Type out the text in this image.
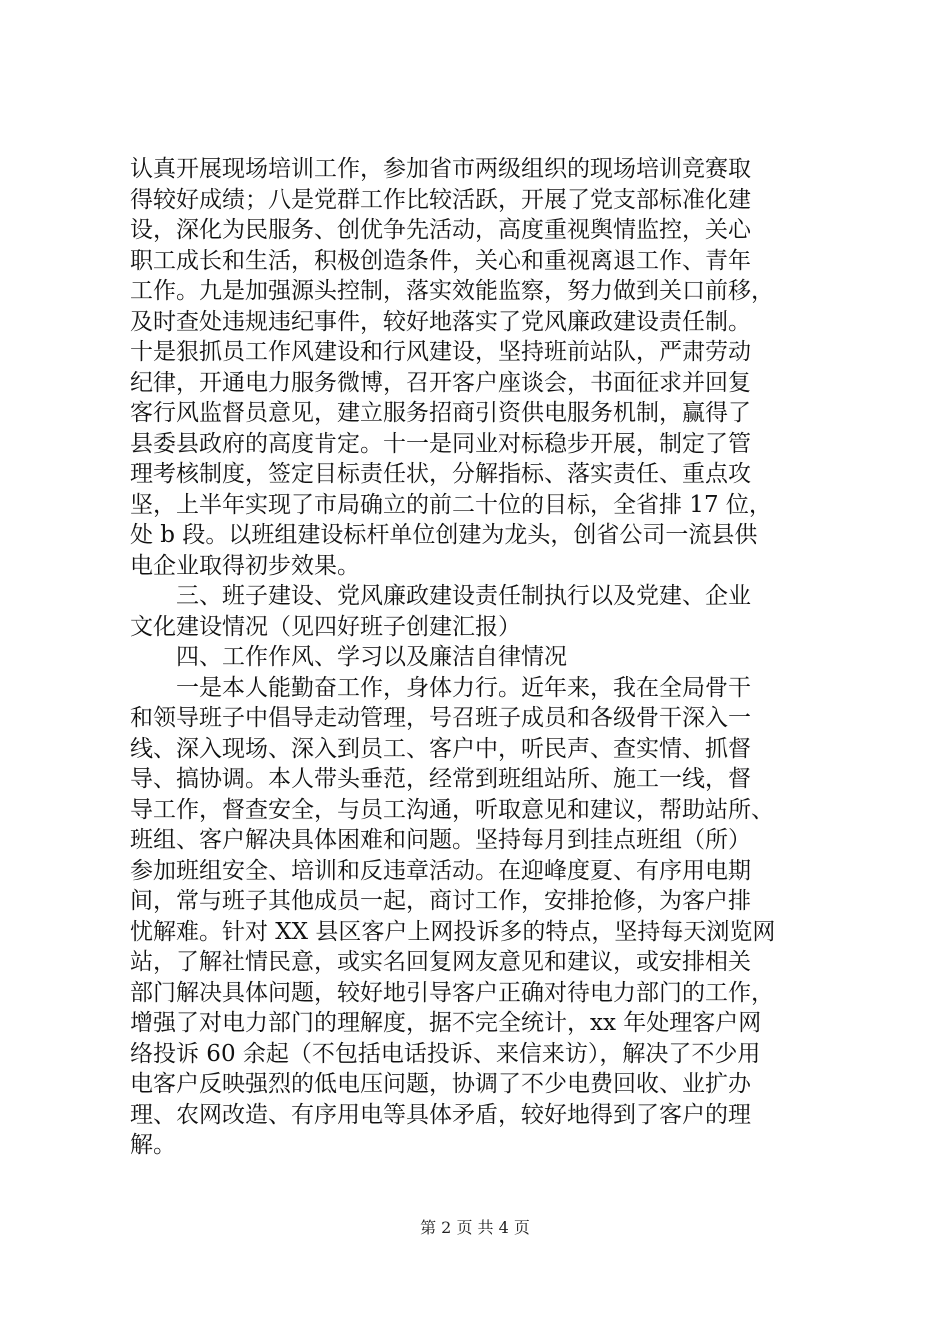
认真开展现场培训工作，参加省市两级组织的现场培训竞赛取
得较好成绩；八是党群工作比较活跃，开展了党支部标准化建
设，深化为民服务、创优争先活动，高度重视舆情监控，关心
职工成长和生活，积极创造条件，关心和重视离退工作、青年
工作。九是加强源头控制，落实效能监察，努力做到关口前移，
及时查处违规违纪事件，较好地落实了党风廉政建设责任制。
十是狠抓员工作风建设和行风建设，坚持班前站队，严肃劳动
纪律，开通电力服务微博，召开客户座谈会，书面征求并回复
客行风监督员意见，建立服务招商引资供电服务机制，赢得了
县委县政府的高度肯定。十一是同业对标稳步开展，制定了管
理考核制度，签定目标责任状，分解指标、落实责任、重点攻
坚，上半年实现了市局确立的前二十位的目标，全省排 17 位，
处 b 段。以班组建设标杆单位创建为龙头，创省公司一流县供
电企业取得初步效果。
　　三、班子建设、党风廉政建设责任制执行以及党建、企业
文化建设情况（见四好班子创建汇报）
　　四、工作作风、学习以及廉洁自律情况
　　一是本人能勤奋工作，身体力行。近年来，我在全局骨干
和领导班子中倡导走动管理，号召班子成员和各级骨干深入一
线、深入现场、深入到员工、客户中，听民声、查实情、抓督
导、搞协调。本人带头垂范，经常到班组站所、施工一线，督
导工作，督查安全，与员工沟通，听取意见和建议，帮助站所、
班组、客户解决具体困难和问题。坚持每月到挂点班组（所）
参加班组安全、培训和反违章活动。在迎峰度夏、有序用电期
间，常与班子其他成员一起，商讨工作，安排抢修，为客户排
忧解难。针对 XX 县区客户上网投诉多的特点，坚持每天浏览网
站，了解社情民意，或实名回复网友意见和建议，或安排相关
部门解决具体问题，较好地引导客户正确对待电力部门的工作，
增强了对电力部门的理解度，据不完全统计，xx 年处理客户网
络投诉 60 余起（不包括电话投诉、来信来访），解决了不少用
电客户反映强烈的低电压问题，协调了不少电费回收、业扩办
理、农网改造、有序用电等具体矛盾，较好地得到了客户的理
解。
第 2 页 共 4 页
